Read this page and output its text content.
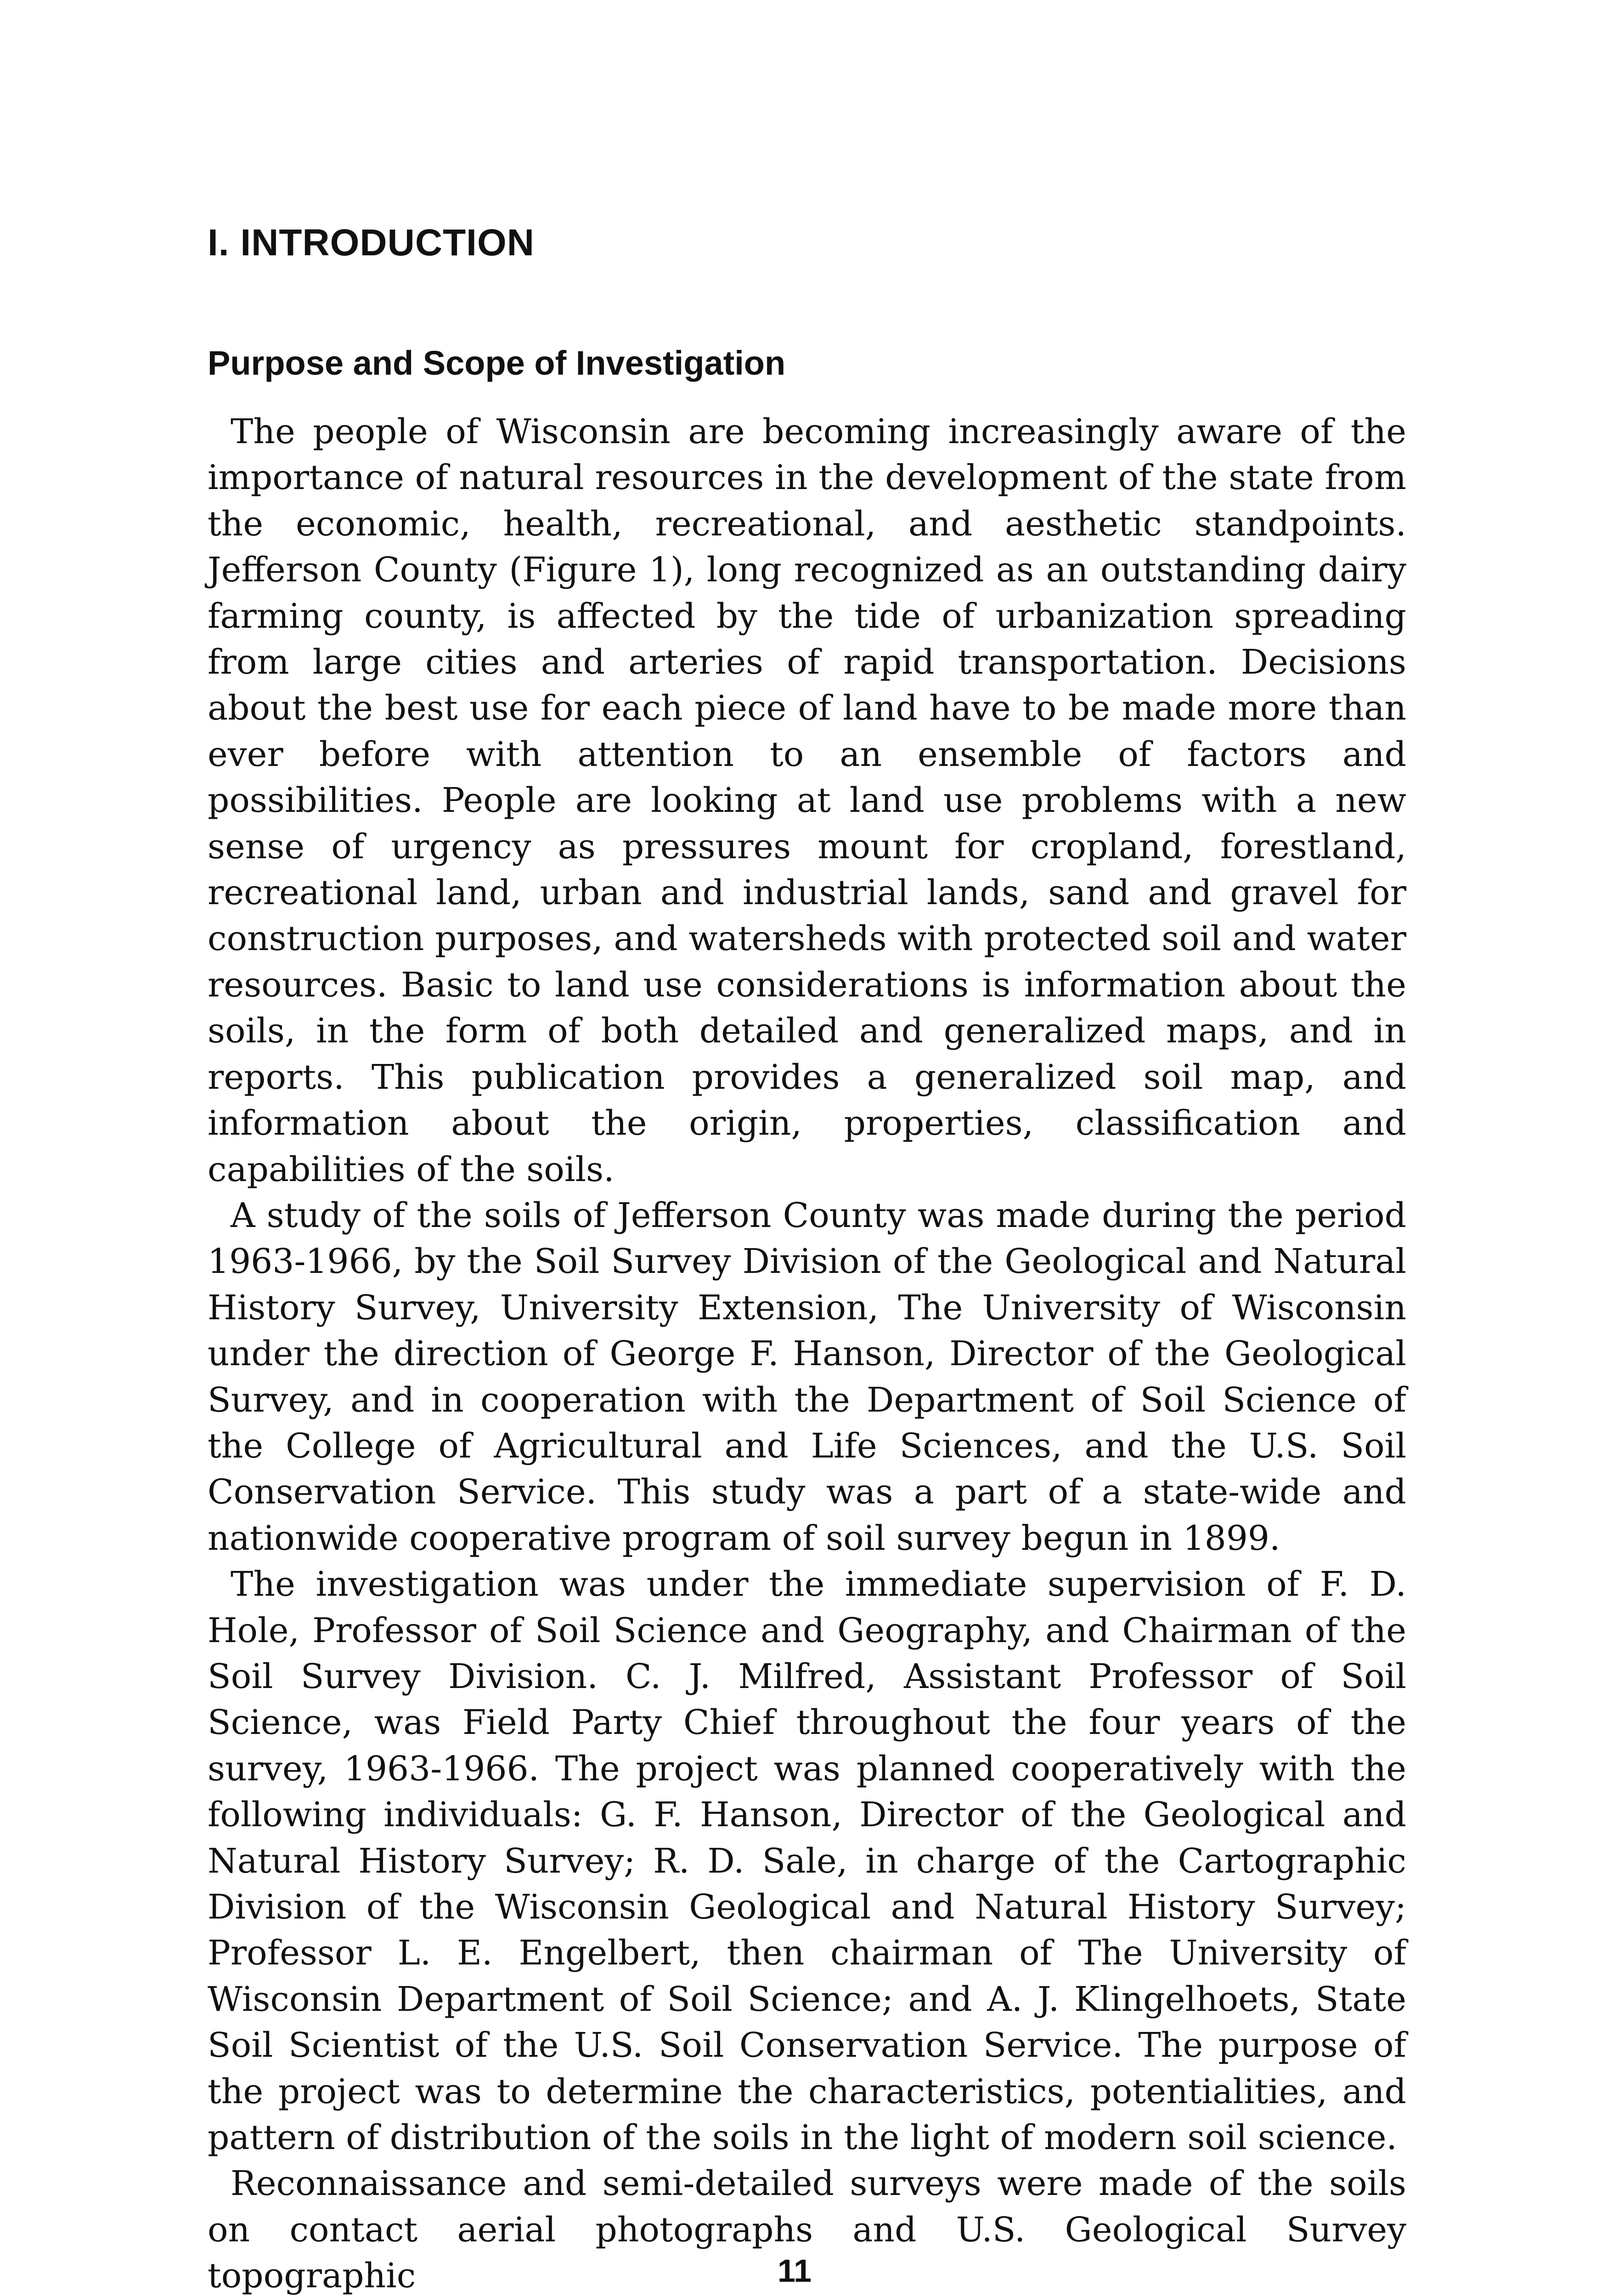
I. INTRODUCTION
Purpose and Scope of Investigation

The people of Wisconsin are becoming increasingly aware of the importance of natural resources in the development of the state from the economic, health, recreational, and aesthetic standpoints. Jefferson County (Figure 1), long recognized as an outstanding dairy farming county, is affected by the tide of urbanization spreading from large cities and arteries of rapid transportation. Decisions about the best use for each piece of land have to be made more than ever before with attention to an ensemble of factors and possibilities. People are looking at land use problems with a new sense of urgency as pressures mount for cropland, forestland, recreational land, urban and industrial lands, sand and gravel for construction purposes, and watersheds with protected soil and water resources. Basic to land use considerations is information about the soils, in the form of both detailed and generalized maps, and in reports. This publication provides a generalized soil map, and information about the origin, properties, classification and capabilities of the soils.

A study of the soils of Jefferson County was made during the period 1963-1966, by the Soil Survey Division of the Geological and Natural History Survey, University Extension, The University of Wisconsin under the direction of George F. Hanson, Director of the Geological Survey, and in cooperation with the Department of Soil Science of the College of Agricultural and Life Sciences, and the U.S. Soil Conservation Service. This study was a part of a state-wide and nationwide cooperative program of soil survey begun in 1899.

The investigation was under the immediate supervision of F. D. Hole, Professor of Soil Science and Geography, and Chairman of the Soil Survey Division. C. J. Milfred, Assistant Professor of Soil Science, was Field Party Chief throughout the four years of the survey, 1963-1966. The project was planned cooperatively with the following individuals: G. F. Hanson, Director of the Geological and Natural History Survey; R. D. Sale, in charge of the Cartographic Division of the Wisconsin Geological and Natural History Survey; Professor L. E. Engelbert, then chairman of The University of Wisconsin Department of Soil Science; and A. J. Klingelhoets, State Soil Scientist of the U.S. Soil Conservation Service. The purpose of the project was to determine the characteristics, potentialities, and pattern of distribution of the soils in the light of modern soil science.

Reconnaissance and semi-detailed surveys were made of the soils on contact aerial photographs and U.S. Geological Survey topographic	11
